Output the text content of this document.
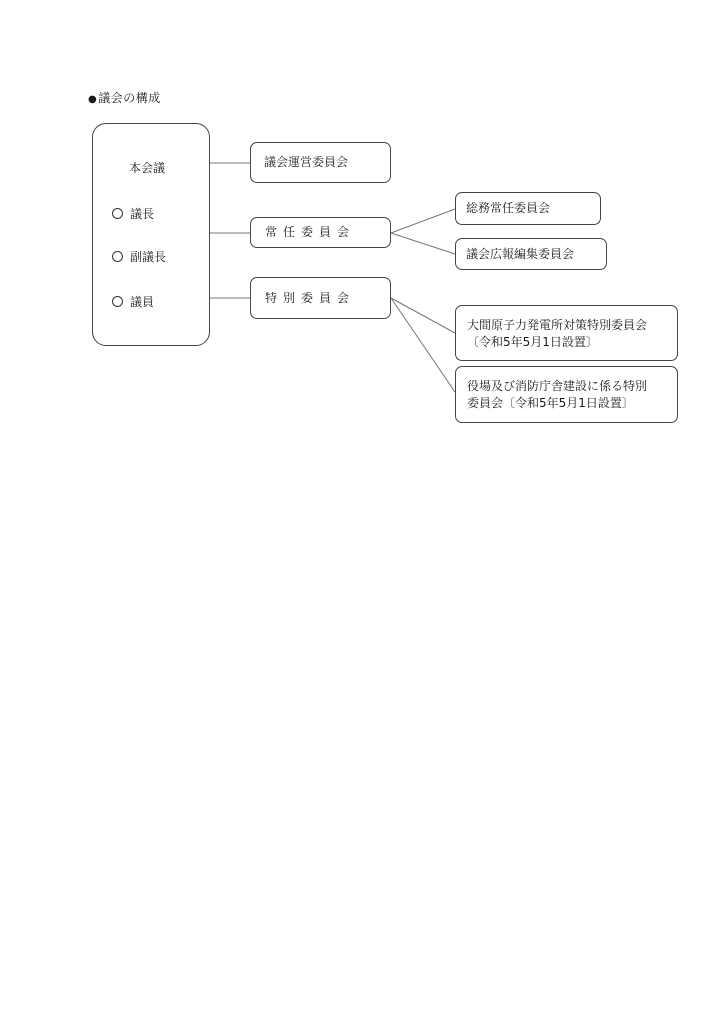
●議会の構成
本会議
議長
副議長
議員
議会運営委員会
常任委員会
特別委員会
総務常任委員会
議会広報編集委員会
大間原子力発電所対策特別委員会
〔令和5年5月1日設置〕
役場及び消防庁舎建設に係る特別
委員会〔令和5年5月1日設置〕
